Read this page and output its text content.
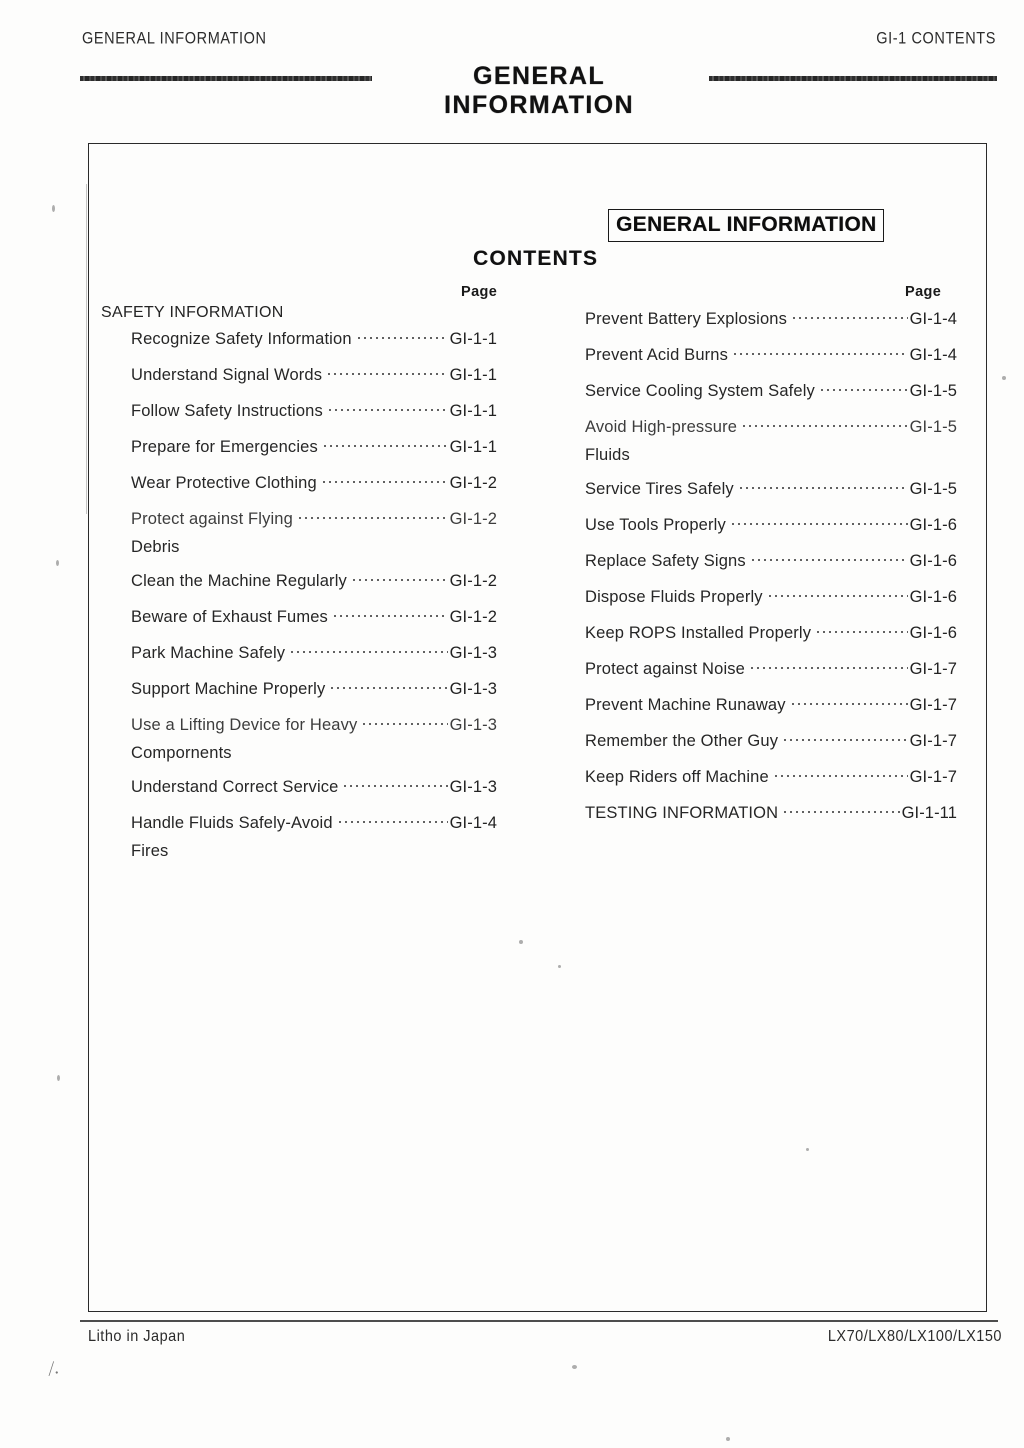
GENERAL INFORMATION	GI-1 CONTENTS
GENERAL INFORMATION
GENERAL INFORMATION
CONTENTS
Page	Page
SAFETY INFORMATION
Recognize Safety Information	GI-1-1
Understand Signal Words	GI-1-1
Follow Safety Instructions	GI-1-1
Prepare for Emergencies	GI-1-1
Wear Protective Clothing	GI-1-2
Protect against Flying	GI-1-2
Debris
Clean the Machine Regularly	GI-1-2
Beware of Exhaust Fumes	GI-1-2
Park Machine Safely	GI-1-3
Support Machine Properly	GI-1-3
Use a Lifting Device for Heavy	GI-1-3
Compornents
Understand Correct Service	GI-1-3
Handle Fluids Safely-Avoid	GI-1-4
Fires
Prevent Battery Explosions	GI-1-4
Prevent Acid Burns	GI-1-4
Service Cooling System Safely	GI-1-5
Avoid High-pressure	GI-1-5
Fluids
Service Tires Safely	GI-1-5
Use Tools Properly	GI-1-6
Replace Safety Signs	GI-1-6
Dispose Fluids Properly	GI-1-6
Keep ROPS Installed Properly	GI-1-6
Protect against Noise	GI-1-7
Prevent Machine Runaway	GI-1-7
Remember the Other Guy	GI-1-7
Keep Riders off Machine	GI-1-7
TESTING INFORMATION	GI-1-11
Litho in Japan	LX70/LX80/LX100/LX150
⁄.
